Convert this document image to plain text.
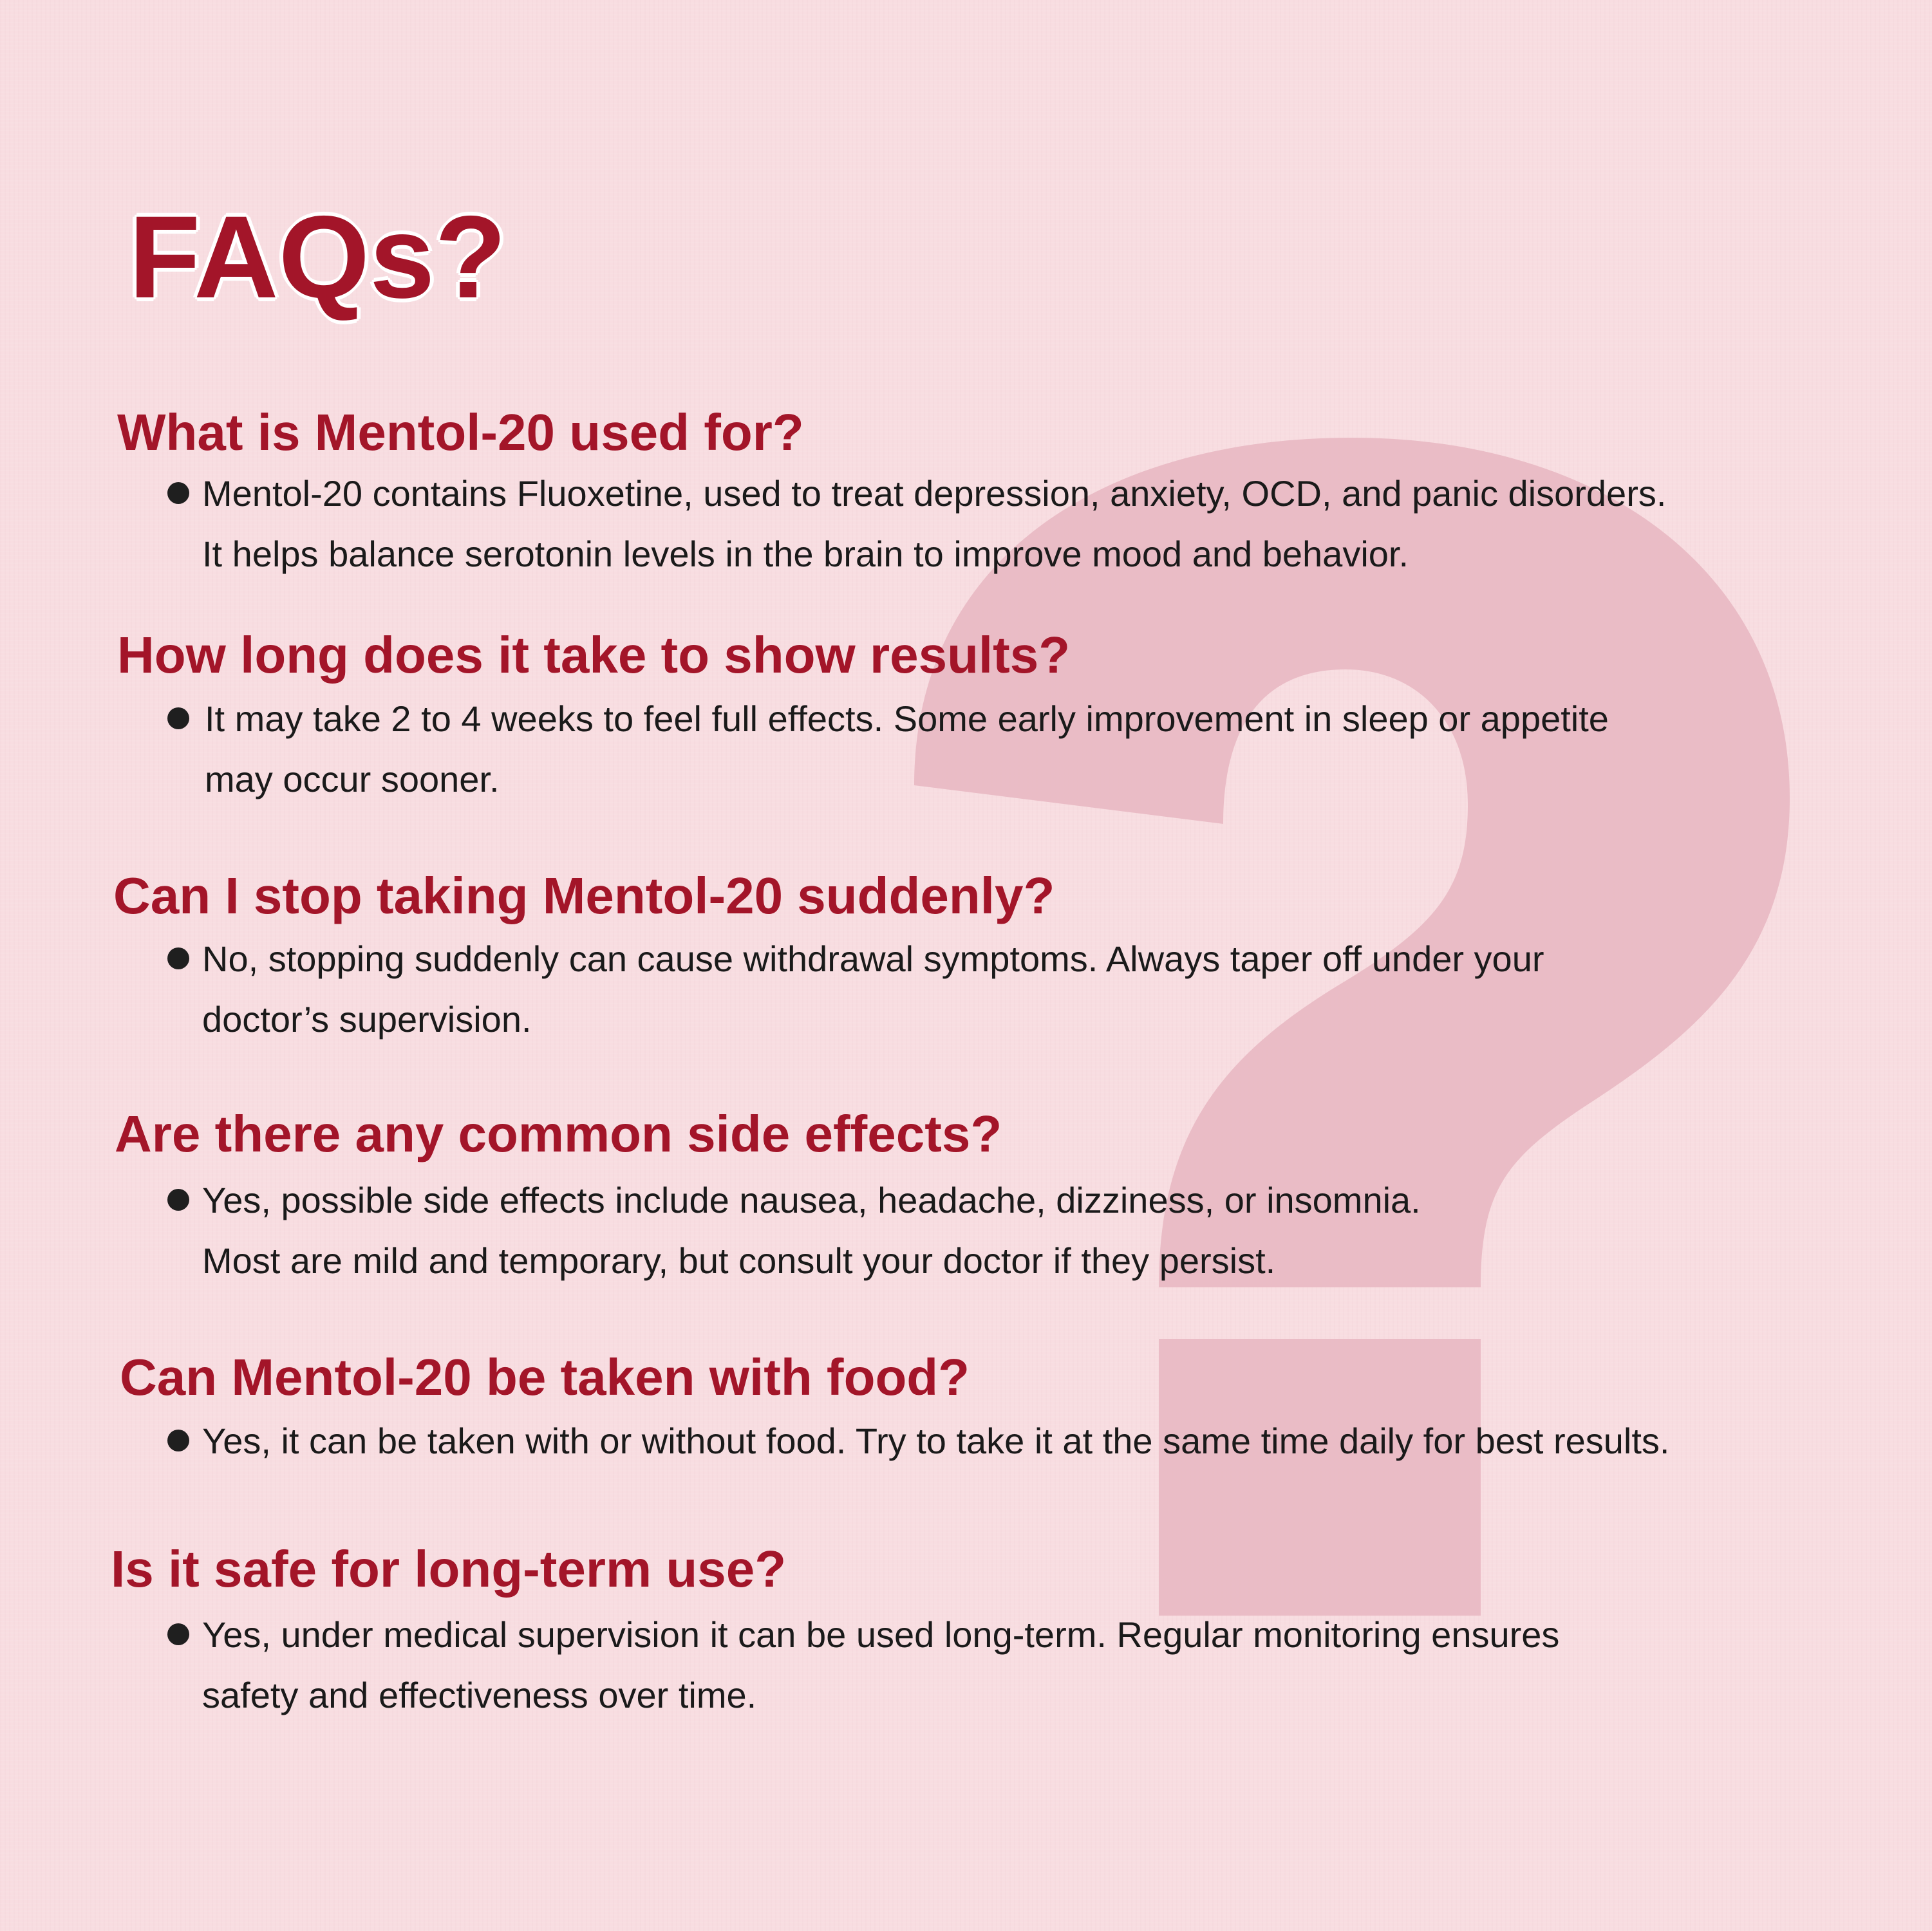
FAQs?
What is Mentol-20 used for?

Mentol-20 contains Fluoxetine, used to treat depression, anxiety, OCD, and panic disorders.
It helps balance serotonin levels in the brain to improve mood and behavior.

How long does it take to show results?

It may take 2 to 4 weeks to feel full effects. Some early improvement in sleep or appetite
may occur sooner.

Can I stop taking Mentol-20 suddenly?

No, stopping suddenly can cause withdrawal symptoms. Always taper off under your
doctor’s supervision.

Are there any common side effects?

Yes, possible side effects include nausea, headache, dizziness, or insomnia.
Most are mild and temporary, but consult your doctor if they persist.

Can Mentol-20 be taken with food?

Yes, it can be taken with or without food. Try to take it at the same time daily for best results.

Is it safe for long-term use?

Yes, under medical supervision it can be used long-term. Regular monitoring ensures
safety and effectiveness over time.
